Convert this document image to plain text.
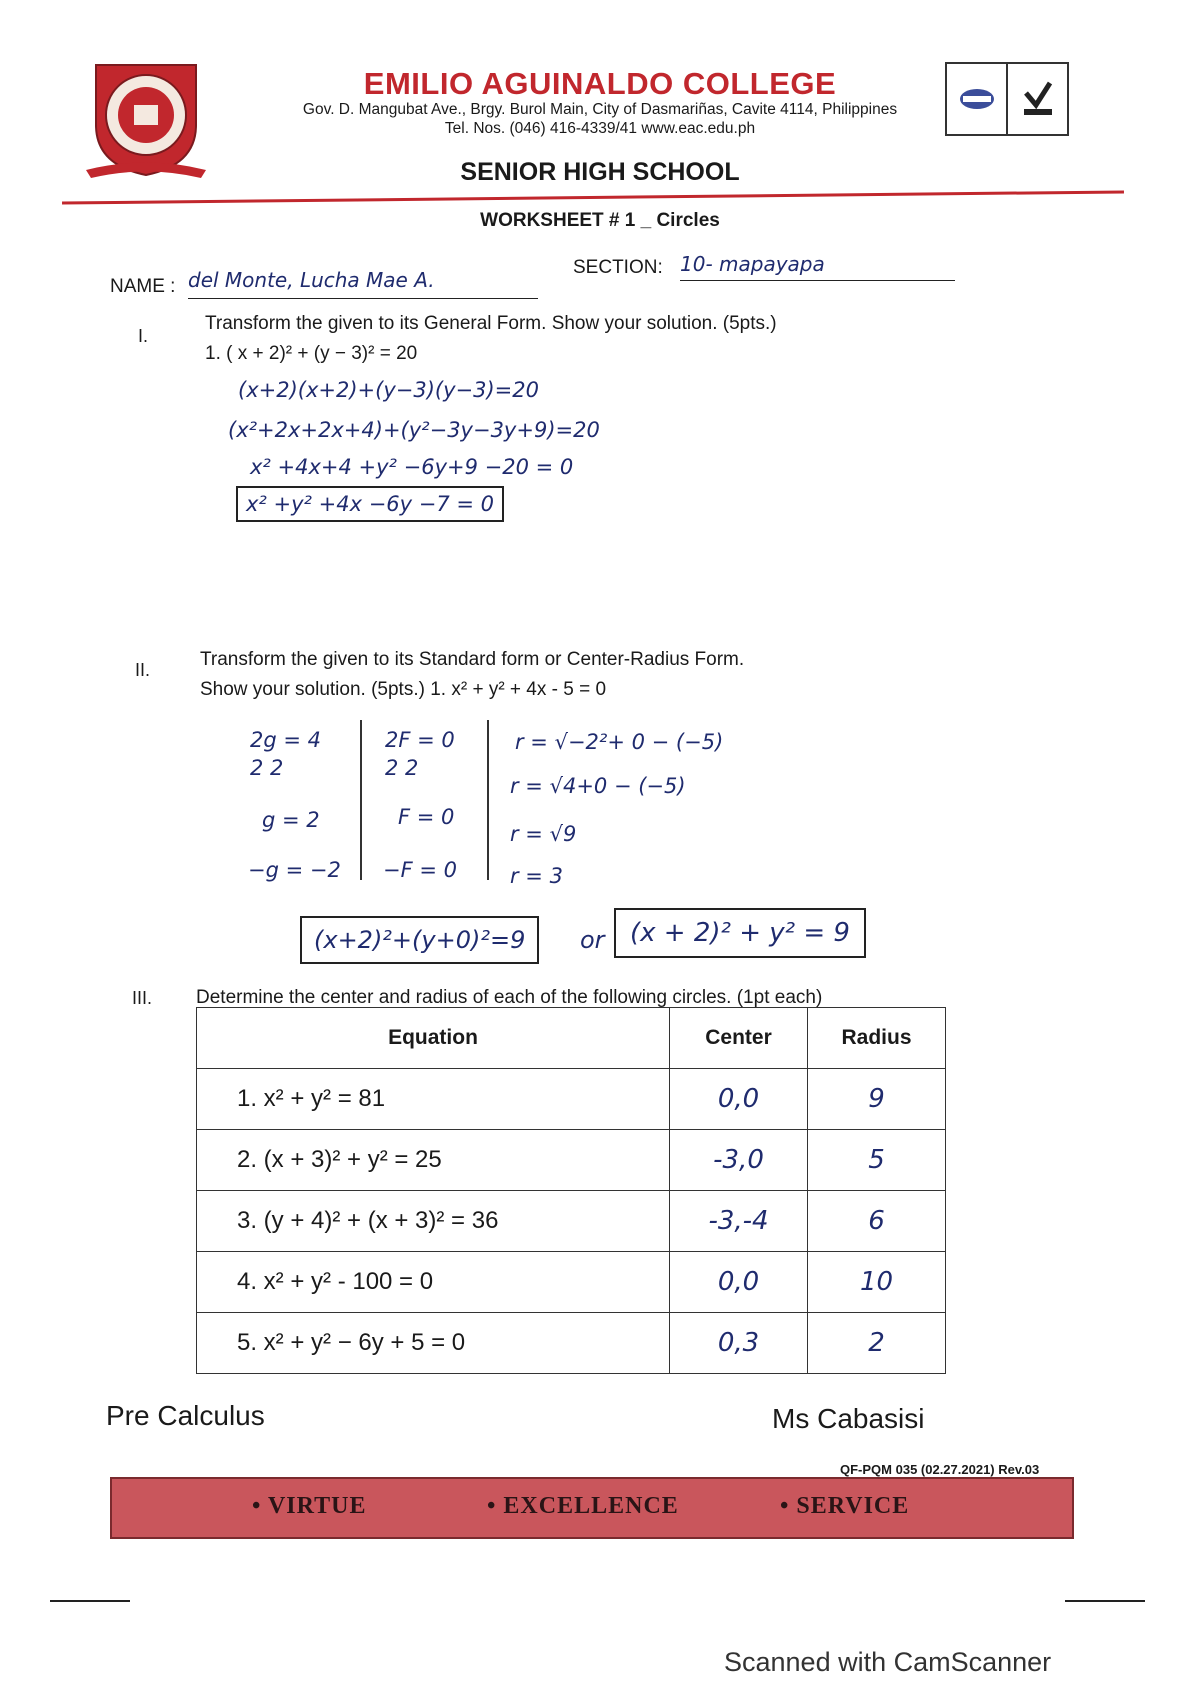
EMILIO AGUINALDO COLLEGE
Gov. D. Mangubat Ave., Brgy. Burol Main, City of Dasmariñas, Cavite 4114, Philippines
Tel. Nos. (046) 416-4339/41 www.eac.edu.ph
SENIOR HIGH SCHOOL
WORKSHEET # 1 _ Circles
NAME : del Monte, Lucha Mae A.
SECTION: 10- mapayapa
I.
Transform the given to its General Form. Show your solution. (5pts.)
1. ( x + 2)² + (y − 3)² = 20
(x+2)(x+2)+(y−3)(y−3)=20
(x²+2x+2x+4)+(y²−3y−3y+9)=20
x² +4x+4 +y² −6y+9 −20 = 0
x² +y² +4x −6y −7 = 0
II.	Transform the given to its Standard form or Center-Radius Form.
Show your solution. (5pts.) 1. x² + y² + 4x - 5 = 0
2g = 4
2 2
g = 2
−g = −2
2F = 0
2 2
F = 0
−F = 0
r = √−2²+ 0 − (−5)
r = √4+0 − (−5)
r = √9
r = 3
(x+2)²+(y+0)²=9	or (x + 2)² + y² = 9
III. Determine the center and radius of each of the following circles. (1pt each)
Equation	Center	Radius
1. x² + y² = 81	0,0	9
2. (x + 3)² + y² = 25	-3,0	5
3. (y + 4)² + (x + 3)² = 36	-3,-4	6
4. x² + y² - 100 = 0	0,0	10
5. x² + y² − 6y + 5 = 0	0,3	2
Pre Calculus	Ms Cabasisi
QF-PQM 035 (02.27.2021) Rev.03
• VIRTUE	• EXCELLENCE	• SERVICE
Scanned with CamScanner
